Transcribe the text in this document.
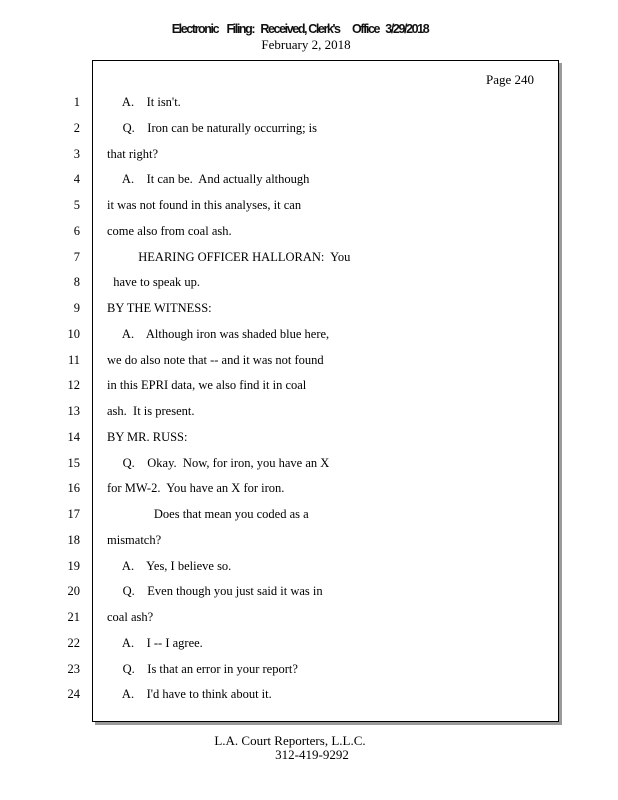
Electronic    Filing:   Received, Clerk's      Office   3/29/2018
February 2, 2018
Page 240
1 A.    It isn't.
2 Q.    Iron can be naturally occurring; is
3 that right?
4 A.    It can be.  And actually although
5 it was not found in this analyses, it can
6 come also from coal ash.
7 HEARING OFFICER HALLORAN:  You
8 have to speak up.
9 BY THE WITNESS:
10 A.    Although iron was shaded blue here,
11 we do also note that -- and it was not found
12 in this EPRI data, we also find it in coal
13 ash.  It is present.
14 BY MR. RUSS:
15 Q.    Okay.  Now, for iron, you have an X
16 for MW-2.  You have an X for iron.
17 Does that mean you coded as a
18 mismatch?
19 A.    Yes, I believe so.
20 Q.    Even though you just said it was in
21 coal ash?
22 A.    I -- I agree.
23 Q.    Is that an error in your report?
24 A.    I'd have to think about it.
L.A. Court Reporters, L.L.C.
312-419-9292
